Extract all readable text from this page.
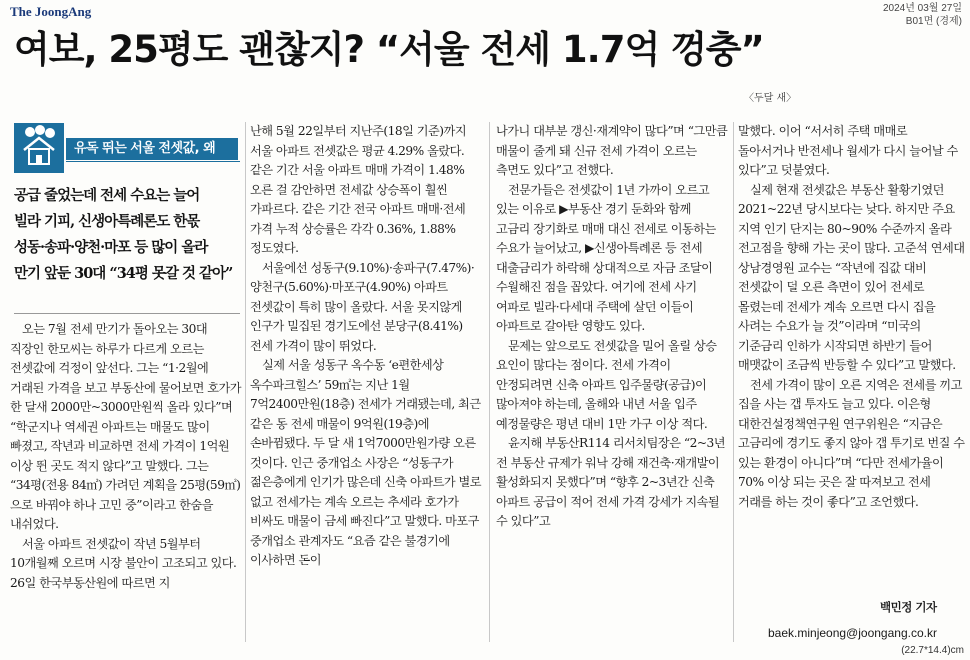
The JoongAng	2024년 03월 27일
B01면 (경제)
여보, 25평도 괜찮지? “서울 전세 1.7억 껑충”
〈두달 새〉
유독 뛰는 서울 전셋값, 왜
공급 줄었는데 전세 수요는 늘어
빌라 기피, 신생아특례론도 한몫
성동·송파·양천·마포 등 많이 올라
만기 앞둔 30대 “34평 못갈 것 같아”

오는 7월 전세 만기가 돌아오는 30대 직장인 한모씨는 하루가 다르게 오르는 전셋값에 걱정이 앞선다. 그는 “1·2월에 거래된 가격을 보고 부동산에 물어보면 호가가 한 달새 2000만~3000만원씩 올라 있다”며 “학군지나 역세권 아파트는 매물도 많이 빠졌고, 작년과 비교하면 전세 가격이 1억원 이상 뛴 곳도 적지 않다”고 말했다. 그는 “34평(전용 84㎡) 가려던 계획을 25평(59㎡)으로 바꿔야 하나 고민 중”이라고 한숨을 내쉬었다.

서울 아파트 전셋값이 작년 5월부터 10개월째 오르며 시장 불안이 고조되고 있다. 26일 한국부동산원에 따르면 지

난해 5월 22일부터 지난주(18일 기준)까지 서울 아파트 전셋값은 평균 4.29% 올랐다. 같은 기간 서울 아파트 매매 가격이 1.48% 오른 걸 감안하면 전세값 상승폭이 훨씬 가파르다. 같은 기간 전국 아파트 매매·전세 가격 누적 상승률은 각각 0.36%, 1.88% 정도였다.

서울에선 성동구(9.10%)·송파구(7.47%)·양천구(5.60%)·마포구(4.90%) 아파트 전셋값이 특히 많이 올랐다. 서울 못지않게 인구가 밀집된 경기도에선 분당구(8.41%) 전세 가격이 많이 뛰었다.

실제 서울 성동구 옥수동 ‘e편한세상 옥수파크힐스’ 59㎡는 지난 1월 7억2400만원(18층) 전세가 거래됐는데, 최근 같은 동 전세 매물이 9억원(19층)에 손바뀜됐다. 두 달 새 1억7000만원가량 오른 것이다. 인근 중개업소 사장은 “성동구가 젊은층에게 인기가 많은데 신축 아파트가 별로 없고 전세가는 계속 오르는 추세라 호가가 비싸도 매물이 금세 빠진다”고 말했다. 마포구 중개업소 관계자도 “요즘 같은 불경기에 이사하면 돈이

나가니 대부분 갱신·재계약이 많다”며 “그만큼 매물이 줄게 돼 신규 전세 가격이 오르는 측면도 있다”고 전했다.

전문가들은 전셋값이 1년 가까이 오르고 있는 이유로 ▶부동산 경기 둔화와 함께 고금리 장기화로 매매 대신 전세로 이동하는 수요가 늘어났고, ▶신생아특례론 등 전세 대출금리가 하락해 상대적으로 자금 조달이 수월해진 점을 꼽았다. 여기에 전세 사기 여파로 빌라·다세대 주택에 살던 이들이 아파트로 갈아탄 영향도 있다.

문제는 앞으로도 전셋값을 밀어 올릴 상승 요인이 많다는 점이다. 전세 가격이 안정되려면 신축 아파트 입주물량(공급)이 많아져야 하는데, 올해와 내년 서울 입주 예정물량은 평년 대비 1만 가구 이상 적다.

윤지해 부동산R114 리서치팀장은 “2~3년 전 부동산 규제가 워낙 강해 재건축·재개발이 활성화되지 못했다”며 “향후 2~3년간 신축 아파트 공급이 적어 전세 가격 강세가 지속될 수 있다”고

말했다. 이어 “서서히 주택 매매로 돌아서거나 반전세나 월세가 다시 늘어날 수 있다”고 덧붙였다.

실제 현재 전셋값은 부동산 활황기였던 2021~22년 당시보다는 낮다. 하지만 주요 지역 인기 단지는 80~90% 수준까지 올라 전고점을 향해 가는 곳이 많다. 고준석 연세대 상남경영원 교수는 “작년에 집값 대비 전셋값이 덜 오른 측면이 있어 전세로 몰렸는데 전세가 계속 오르면 다시 집을 사려는 수요가 늘 것”이라며 “미국의 기준금리 인하가 시작되면 하반기 들어 매맷값이 조금씩 반등할 수 있다”고 말했다.

전세 가격이 많이 오른 지역은 전세를 끼고 집을 사는 갭 투자도 늘고 있다. 이은형 대한건설정책연구원 연구위원은 “지금은 고금리에 경기도 좋지 않아 갭 투기로 번질 수 있는 환경이 아니다”며 “다만 전세가율이 70% 이상 되는 곳은 잘 따져보고 전세 거래를 하는 것이 좋다”고 조언했다.

백민정 기자
baek.minjeong@joongang.co.kr
(22.7*14.4)cm
